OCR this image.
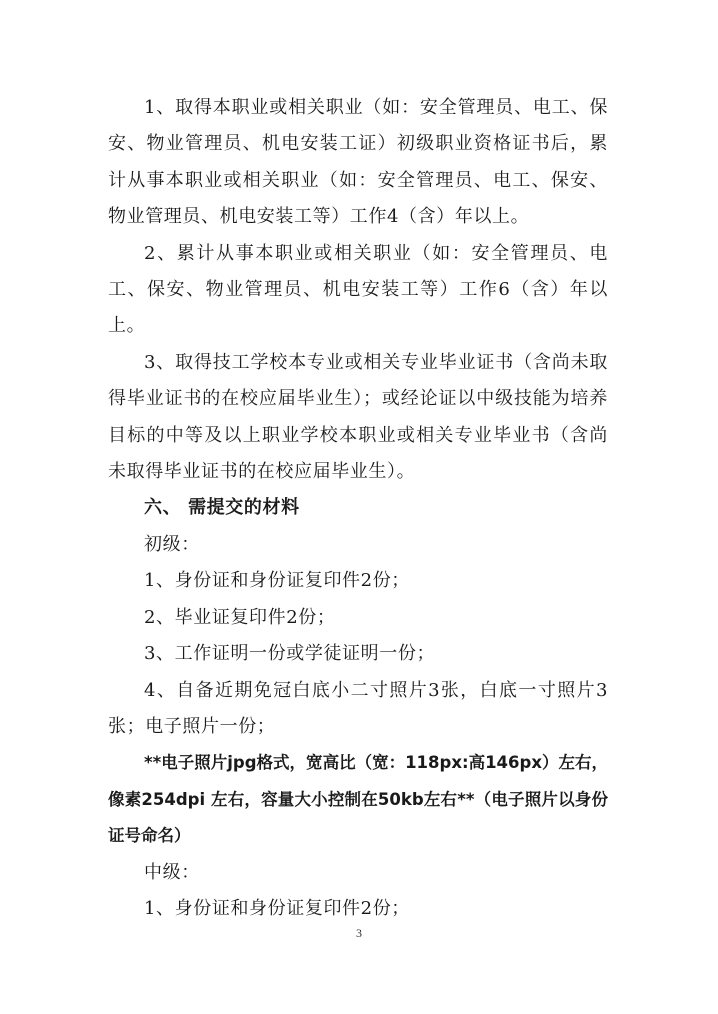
1、取得本职业或相关职业（如：安全管理员、电工、保安、物业管理员、机电安装工证）初级职业资格证书后，累计从事本职业或相关职业（如：安全管理员、电工、保安、物业管理员、机电安装工等）工作4（含）年以上。

2、累计从事本职业或相关职业（如：安全管理员、电工、保安、物业管理员、机电安装工等）工作6（含）年以上。

3、取得技工学校本专业或相关专业毕业证书（含尚未取得毕业证书的在校应届毕业生）；或经论证以中级技能为培养目标的中等及以上职业学校本职业或相关专业毕业书（含尚未取得毕业证书的在校应届毕业生）。

六、 需提交的材料

初级：

1、身份证和身份证复印件2份；

2、毕业证复印件2份；

3、工作证明一份或学徒证明一份；

4、自备近期免冠白底小二寸照片3张，白底一寸照片3张；电子照片一份；

**电子照片jpg格式，宽高比（宽：118px:高146px）左右，像素254dpi 左右，容量大小控制在50kb左右**（电子照片以身份证号命名）

中级：

1、身份证和身份证复印件2份；

3
